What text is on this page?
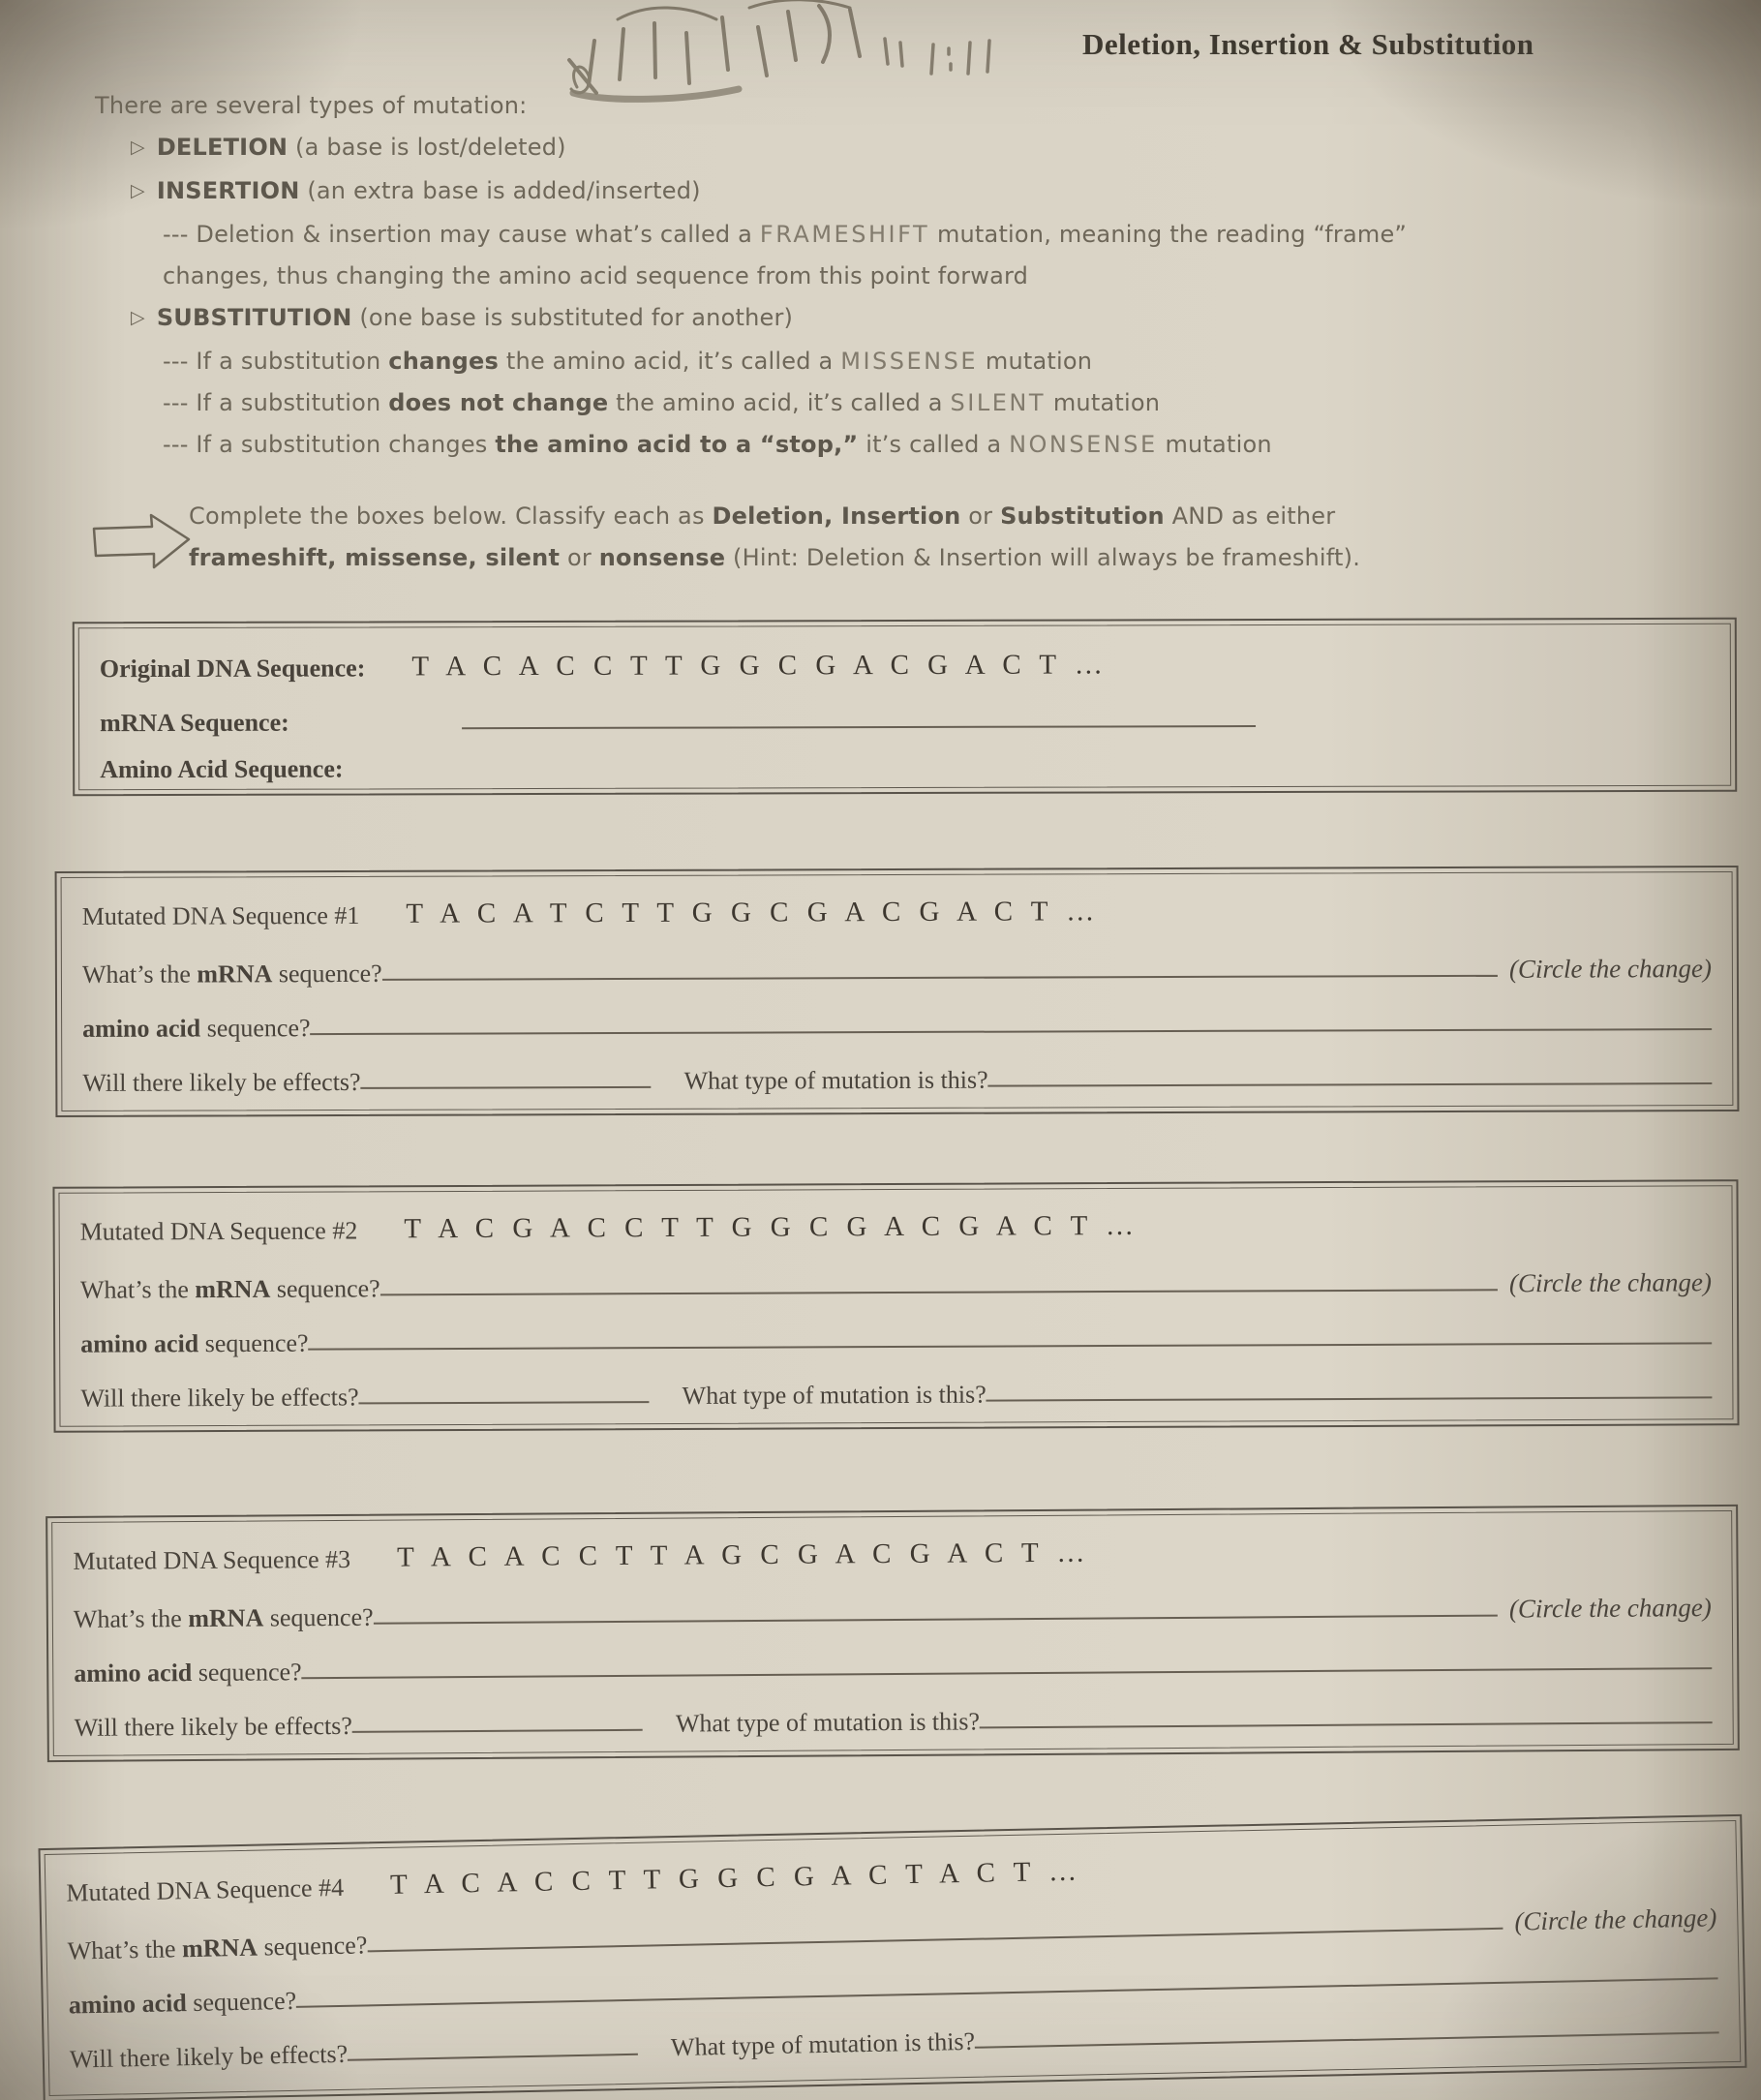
Deletion, Insertion & Substitution
There are several types of mutation:
▷ DELETION (a base is lost/deleted)
▷ INSERTION (an extra base is added/inserted)
--- Deletion & insertion may cause what’s called a FRAMESHIFT mutation, meaning the reading “frame”
changes, thus changing the amino acid sequence from this point forward
▷ SUBSTITUTION (one base is substituted for another)
--- If a substitution changes the amino acid, it’s called a MISSENSE mutation
--- If a substitution does not change the amino acid, it’s called a SILENT mutation
--- If a substitution changes the amino acid to a “stop,” it’s called a NONSENSE mutation
Complete the boxes below. Classify each as Deletion, Insertion or Substitution AND as either
frameshift, missense, silent or nonsense (Hint: Deletion & Insertion will always be frameshift).
Original DNA Sequence: T A C A C C T T G G C G A C G A C T …
mRNA Sequence:
Amino Acid Sequence:
Mutated DNA Sequence #1 T A C A T C T T G G C G A C G A C T …
What’s the mRNA sequence?	(Circle the change)
amino acid sequence?
Will there likely be effects?	What type of mutation is this?
Mutated DNA Sequence #2 T A C G A C C T T G G C G A C G A C T …
What’s the mRNA sequence?	(Circle the change)
amino acid sequence?
Will there likely be effects?	What type of mutation is this?
Mutated DNA Sequence #3 T A C A C C T T A G C G A C G A C T …
What’s the mRNA sequence?	(Circle the change)
amino acid sequence?
Will there likely be effects?	What type of mutation is this?
Mutated DNA Sequence #4 T A C A C C T T G G C G A C T A C T …
What’s the mRNA sequence?
(Circle the change)
amino acid sequence?
Will there likely be effects?	What type of mutation is this?
